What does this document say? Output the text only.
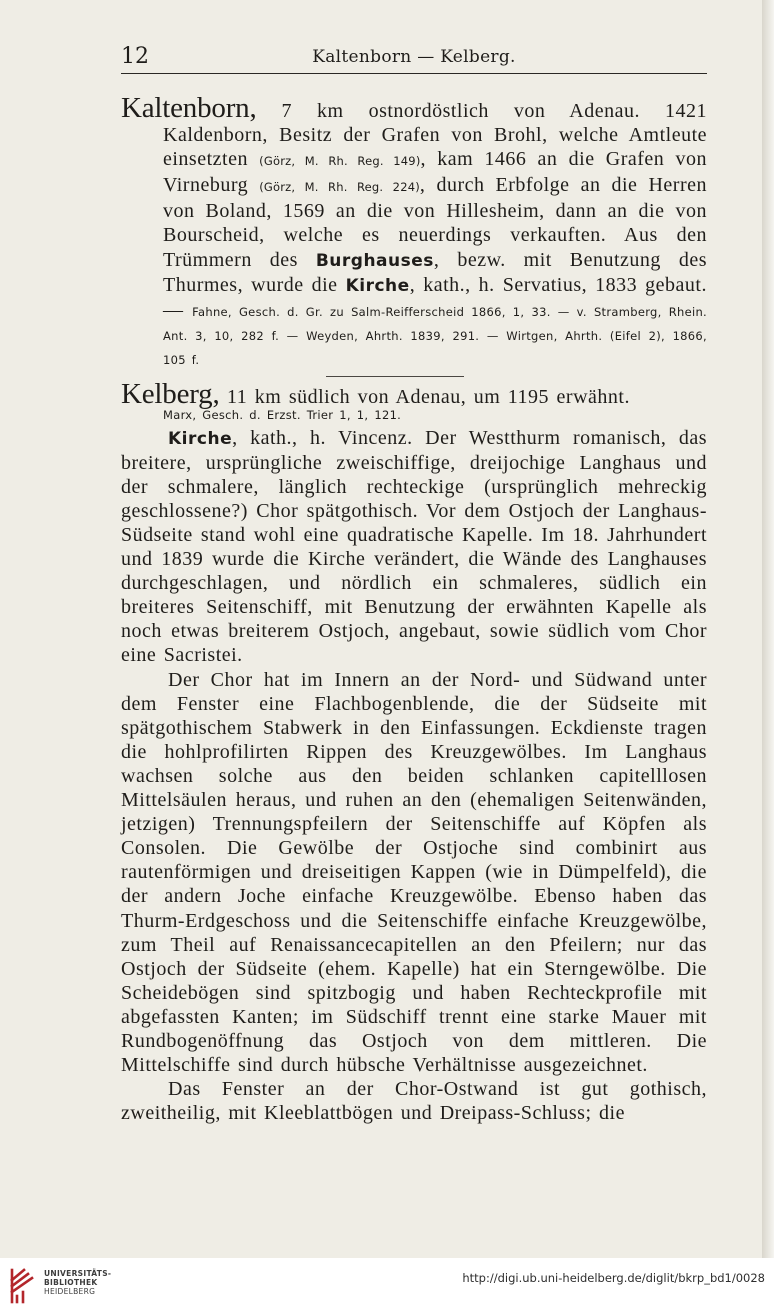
12	Kaltenborn — Kelberg.

Kaltenborn, 7 km ostnordöstlich von Adenau. 1421 Kaldenborn, Besitz der Grafen von Brohl, welche Amtleute einsetzten (Görz, M. Rh. Reg. 149), kam 1466 an die Grafen von Virneburg (Görz, M. Rh. Reg. 224), durch Erbfolge an die Herren von Boland, 1569 an die von Hillesheim, dann an die von Bourscheid, welche es neuerdings verkauften. Aus den Trümmern des Burghauses, bezw. mit Benutzung des Thurmes, wurde die Kirche, kath., h. Servatius, 1833 gebaut. — Fahne, Gesch. d. Gr. zu Salm-Reifferscheid 1866, 1, 33. — v. Stramberg, Rhein. Ant. 3, 10, 282 f. — Weyden, Ahrth. 1839, 291. — Wirtgen, Ahrth. (Eifel 2), 1866, 105 f.

Kelberg, 11 km südlich von Adenau, um 1195 erwähnt.

Marx, Gesch. d. Erzst. Trier 1, 1, 121.

Kirche, kath., h. Vincenz. Der Westthurm romanisch, das breitere, ursprüngliche zweischiffige, dreijochige Langhaus und der schmalere, länglich rechteckige (ursprünglich mehreckig geschlossene?) Chor spätgothisch. Vor dem Ostjoch der Langhaus-Südseite stand wohl eine quadratische Kapelle. Im 18. Jahrhundert und 1839 wurde die Kirche verändert, die Wände des Langhauses durchgeschlagen, und nördlich ein schmaleres, südlich ein breiteres Seitenschiff, mit Benutzung der erwähnten Kapelle als noch etwas breiterem Ostjoch, angebaut, sowie südlich vom Chor eine Sacristei.

Der Chor hat im Innern an der Nord- und Südwand unter dem Fenster eine Flachbogenblende, die der Südseite mit spätgothischem Stabwerk in den Einfassungen. Eckdienste tragen die hohlprofilirten Rippen des Kreuzgewölbes. Im Langhaus wachsen solche aus den beiden schlanken capitelllosen Mittelsäulen heraus, und ruhen an den (ehemaligen Seitenwänden, jetzigen) Trennungspfeilern der Seitenschiffe auf Köpfen als Consolen. Die Gewölbe der Ostjoche sind combinirt aus rautenförmigen und dreiseitigen Kappen (wie in Dümpelfeld), die der andern Joche einfache Kreuzgewölbe. Ebenso haben das Thurm-Erdgeschoss und die Seitenschiffe einfache Kreuzgewölbe, zum Theil auf Renaissancecapitellen an den Pfeilern; nur das Ostjoch der Südseite (ehem. Kapelle) hat ein Sterngewölbe. Die Scheidebögen sind spitzbogig und haben Rechteckprofile mit abgefassten Kanten; im Südschiff trennt eine starke Mauer mit Rundbogenöffnung das Ostjoch von dem mittleren. Die Mittelschiffe sind durch hübsche Verhältnisse ausgezeichnet.

Das Fenster an der Chor-Ostwand ist gut gothisch, zweitheilig, mit Kleeblattbögen und Dreipass-Schluss; die

UNIVERSITÄTS-
BIBLIOTHEK
HEIDELBERG
http://digi.ub.uni-heidelberg.de/diglit/bkrp_bd1/0028
